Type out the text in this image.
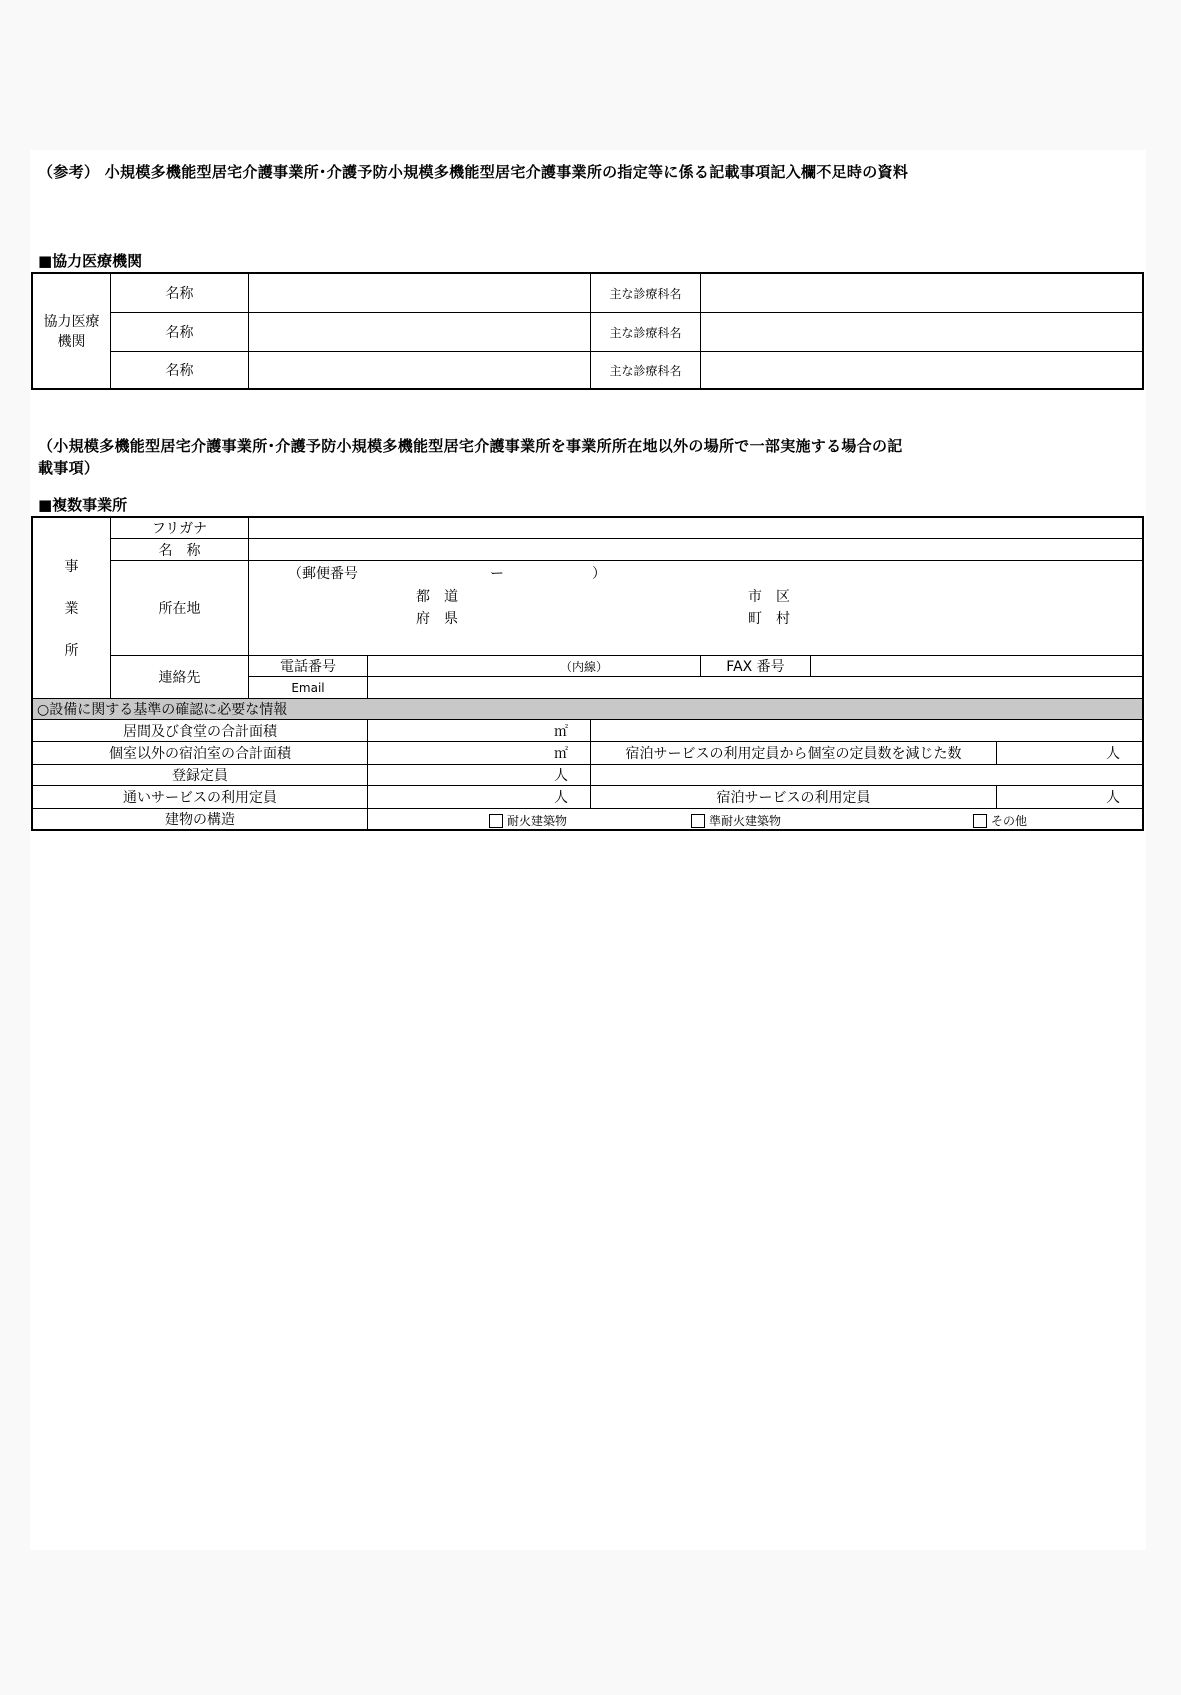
（参考） 小規模多機能型居宅介護事業所･介護予防小規模多機能型居宅介護事業所の指定等に係る記載事項記入欄不足時の資料
■協力医療機関
協力医療
機関
名称	主な診療科名
名称	主な診療科名
名称	主な診療科名
（小規模多機能型居宅介護事業所･介護予防小規模多機能型居宅介護事業所を事業所所在地以外の場所で一部実施する場合の記
載事項）
■複数事業所
事
業
所
フリガナ
名　称
所在地
（郵便番号	ー	）
都　道
府　県
市　区
町　村
連絡先
電話番号	（内線）	FAX 番号
Email
○設備に関する基準の確認に必要な情報
居間及び食堂の合計面積	㎡
個室以外の宿泊室の合計面積	㎡	宿泊サービスの利用定員から個室の定員数を減じた数	人
登録定員	人
通いサービスの利用定員	人	宿泊サービスの利用定員	人
建物の構造	耐火建築物	準耐火建築物	その他
